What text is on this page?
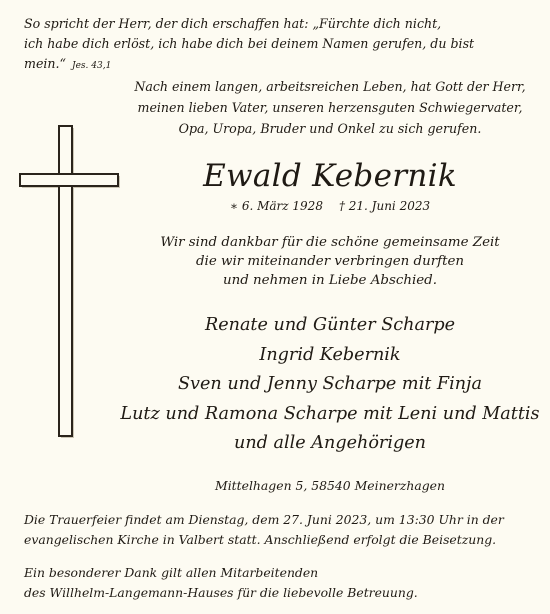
So spricht der Herr, der dich erschaffen hat: „Fürchte dich nicht,
ich habe dich erlöst, ich habe dich bei deinem Namen gerufen, du bist mein.“ Jes. 43,1
Nach einem langen, arbeitsreichen Leben, hat Gott der Herr,
meinen lieben Vater, unseren herzensguten Schwiegervater,
Opa, Uropa, Bruder und Onkel zu sich gerufen.
Ewald Kebernik
∗ 6. März 1928 † 21. Juni 2023
Wir sind dankbar für die schöne gemeinsame Zeit
die wir miteinander verbringen durften
und nehmen in Liebe Abschied.
Renate und Günter Scharpe
Ingrid Kebernik
Sven und Jenny Scharpe mit Finja
Lutz und Ramona Scharpe mit Leni und Mattis
und alle Angehörigen
Mittelhagen 5, 58540 Meinerzhagen
Die Trauerfeier findet am Dienstag, dem 27. Juni 2023, um 13:30 Uhr in der
evangelischen Kirche in Valbert statt. Anschließend erfolgt die Beisetzung.
Ein besonderer Dank gilt allen Mitarbeitenden
des Willhelm-Langemann-Hauses für die liebevolle Betreuung.
